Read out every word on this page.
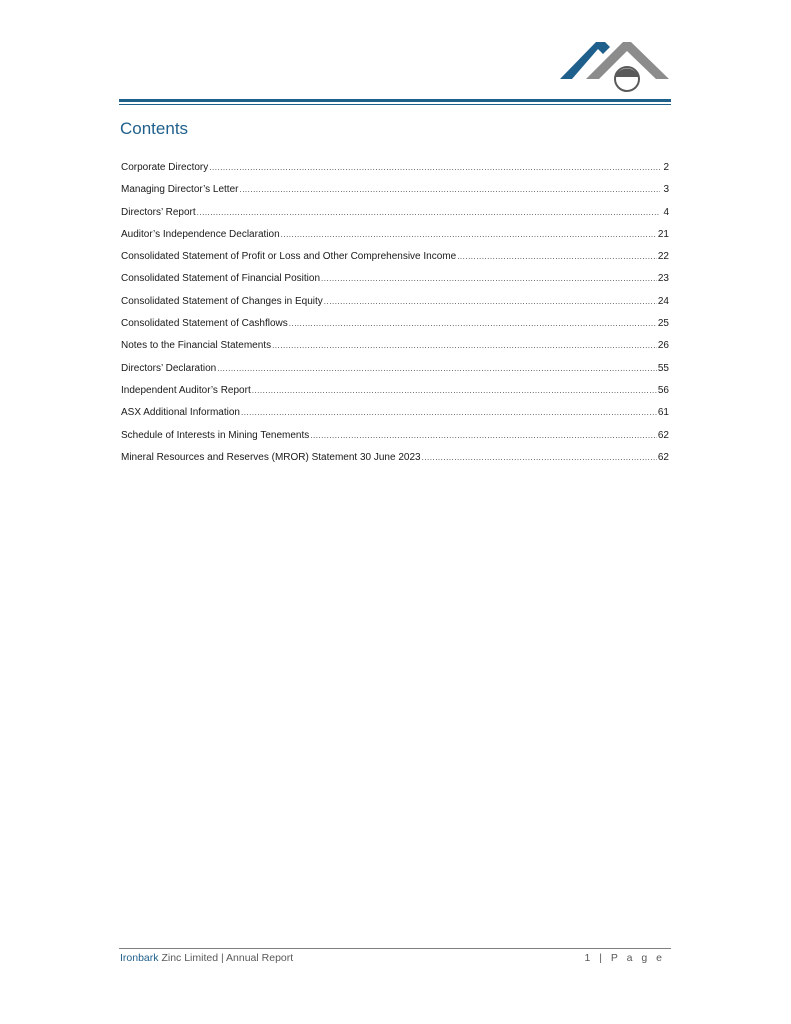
Contents
Corporate Directory .....	2
Managing Director’s Letter .....	3
Directors’ Report .....	4
Auditor’s Independence Declaration .....	21
Consolidated Statement of Profit or Loss and Other Comprehensive Income .....	22
Consolidated Statement of Financial Position .....	23
Consolidated Statement of Changes in Equity .....	24
Consolidated Statement of Cashflows .....	25
Notes to the Financial Statements .....	26
Directors’ Declaration .....	55
Independent Auditor’s Report .....	56
ASX Additional Information .....	61
Schedule of Interests in Mining Tenements .....	62
Mineral Resources and Reserves (MROR) Statement 30 June 2023 .....	62
Ironbark Zinc Limited | Annual Report	1 | P a g e
